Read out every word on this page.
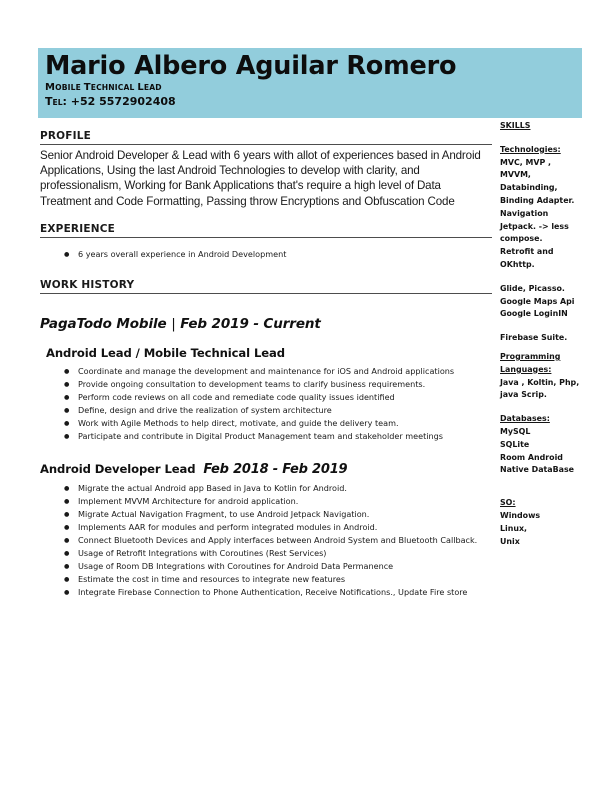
Mario Albero Aguilar Romero
MOBILE TECHNICAL LEAD
TEL: +52 5572902408
PROFILE
Senior Android Developer & Lead with 6 years with allot of experiences based in Android Applications, Using the last Android Technologies to develop with clarity, and professionalism, Working for Bank Applications that's require a high level of Data Treatment and Code Formatting, Passing throw Encryptions and Obfuscation Code
EXPERIENCE
● 6 years overall experience in Android Development
WORK HISTORY
PagaTodo Mobile | Feb 2019 - Current
Android Lead / Mobile Technical Lead
● Coordinate and manage the development and maintenance for iOS and Android applications
● Provide ongoing consultation to development teams to clarify business requirements.
● Perform code reviews on all code and remediate code quality issues identified
● Define, design and drive the realization of system architecture
● Work with Agile Methods to help direct, motivate, and guide the delivery team.
● Participate and contribute in Digital Product Management team and stakeholder meetings
Android Developer Lead Feb 2018 - Feb 2019
● Migrate the actual Android app Based in Java to Kotlin for Android.
● Implement MVVM Architecture for android application.
● Migrate Actual Navigation Fragment, to use Android Jetpack Navigation.
● Implements AAR for modules and perform integrated modules in Android.
● Connect Bluetooth Devices and Apply interfaces between Android System and Bluetooth Callback.
● Usage of Retrofit Integrations with Coroutines (Rest Services)
● Usage of Room DB Integrations with Coroutines for Android Data Permanence
● Estimate the cost in time and resources to integrate new features
● Integrate Firebase Connection to Phone Authentication, Receive Notifications., Update Fire store
SKILLS
Technologies:
MVC, MVP ,
MVVM,
Databinding,
Binding Adapter.
Navigation
Jetpack. -> less
compose.
Retrofit and
OKhttp.
Glide, Picasso.
Google Maps Api
Google LoginIN
Firebase Suite.
Programming
Languages:
Java , Koltin, Php,
java Scrip.
Databases:
MySQL
SQLite
Room Android
Native DataBase
SO:
Windows
Linux,
Unix
